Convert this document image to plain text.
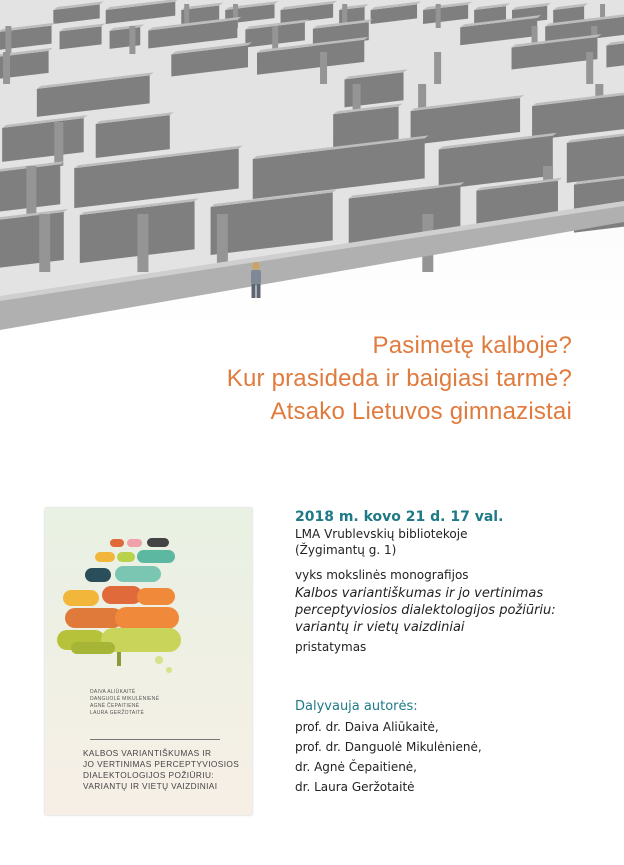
Pasimetę kalboje?
Kur prasideda ir baigiasi tarmė?
Atsako Lietuvos gimnazistai
DAIVA ALIŪKAITĖ
DANGUOLĖ MIKULĖNIENĖ
AGNĖ ČEPAITIENĖ
LAURA GERŽOTAITĖ
KALBOS VARIANTIŠKUMAS IR
JO VERTINIMAS PERCEPTYVIOSIOS
DIALEKTOLOGIJOS POŽIŪRIU:
VARIANTŲ IR VIETŲ VAIZDINIAI
2018 m. kovo 21 d. 17 val.
LMA Vrublevskių bibliotekoje
(Žygimantų g. 1)
vyks mokslinės monografijos
Kalbos variantiškumas ir jo vertinimas
perceptyviosios dialektologijos požiūriu:
variantų ir vietų vaizdiniai
pristatymas
Dalyvauja autorės:
prof. dr. Daiva Aliūkaitė,
prof. dr. Danguolė Mikulėnienė,
dr. Agnė Čepaitienė,
dr. Laura Geržotaitė
